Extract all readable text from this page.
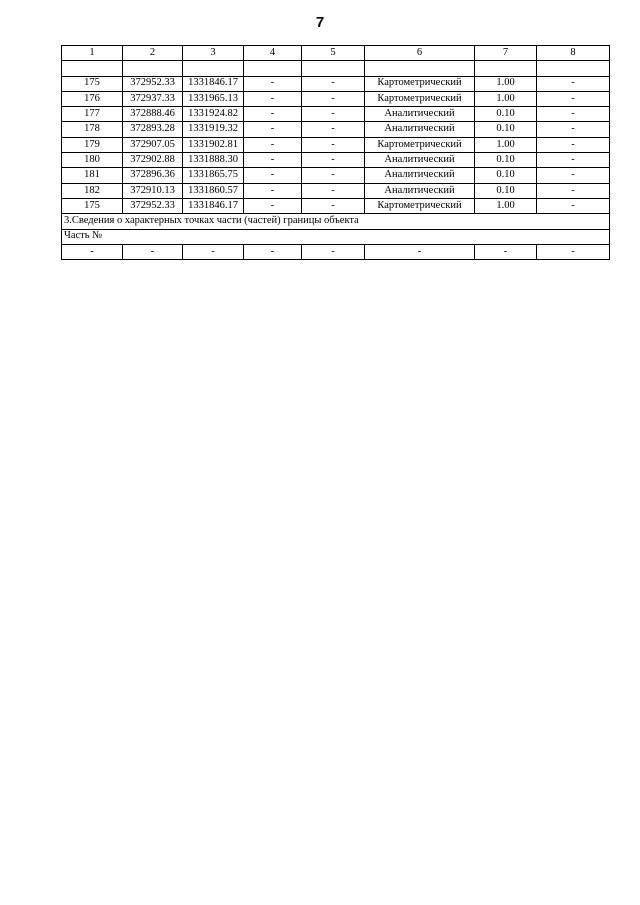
7
1	2	3	4	5	6	7	8

175	372952.33	1331846.17	-	-	Картометрический	1.00	-
176	372937.33	1331965.13	-	-	Картометрический	1.00	-
177	372888.46	1331924.82	-	-	Аналитический	0.10	-
178	372893.28	1331919.32	-	-	Аналитический	0.10	-
179	372907.05	1331902.81	-	-	Картометрический	1.00	-
180	372902.88	1331888.30	-	-	Аналитический	0.10	-
181	372896.36	1331865.75	-	-	Аналитический	0.10	-
182	372910.13	1331860.57	-	-	Аналитический	0.10	-
175	372952.33	1331846.17	-	-	Картометрический	1.00	-
3.Сведения о характерных точках части (частей) границы объекта							
Часть №							
-	-	-	-	-	-	-	-
